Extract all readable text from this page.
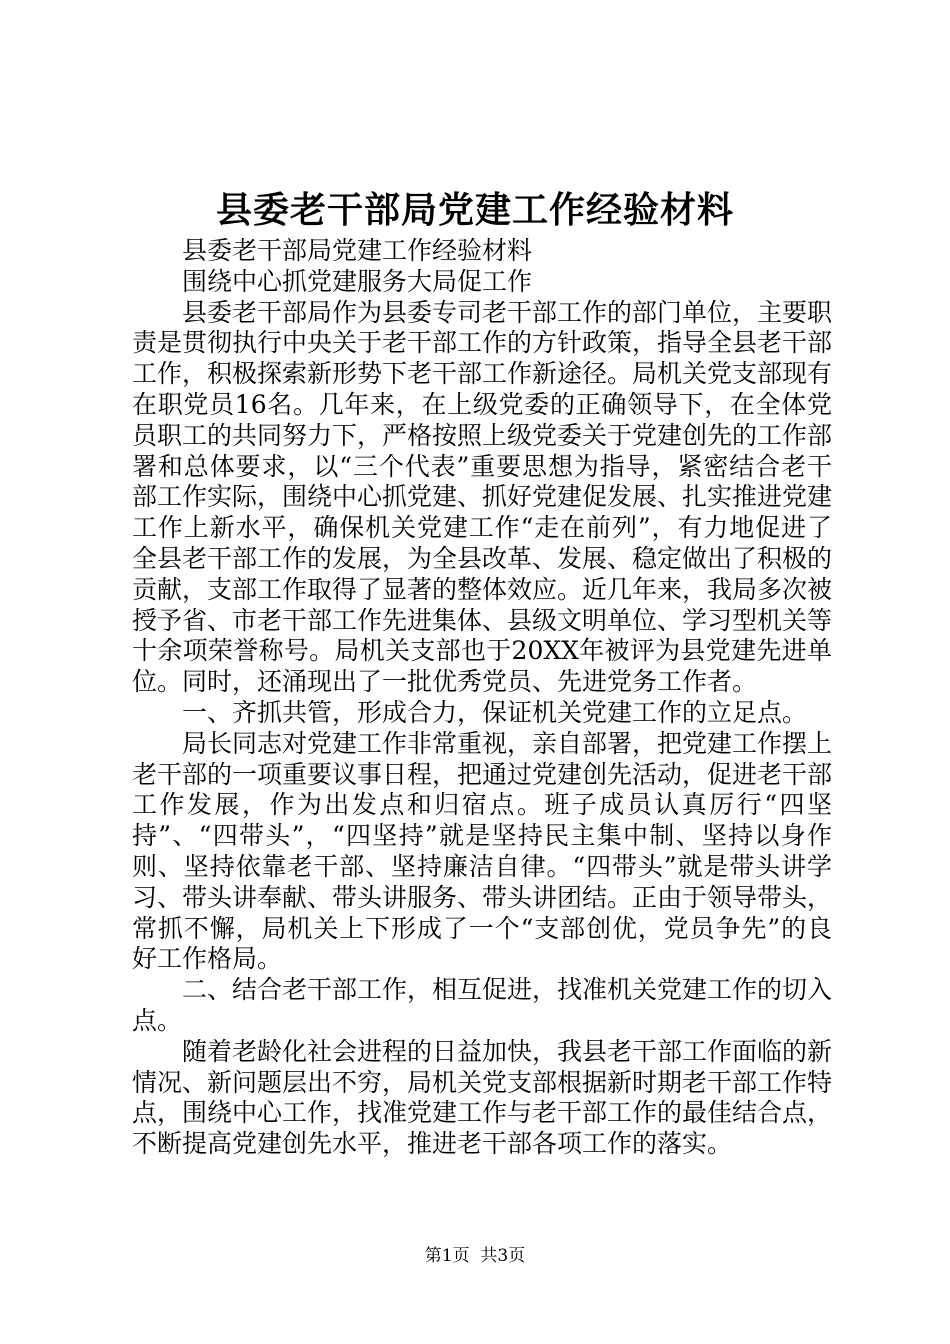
县委老干部局党建工作经验材料

县委老干部局党建工作经验材料

围绕中心抓党建服务大局促工作

县委老干部局作为县委专司老干部工作的部门单位，主要职责是贯彻执行中央关于老干部工作的方针政策，指导全县老干部工作，积极探索新形势下老干部工作新途径。局机关党支部现有在职党员16名。几年来，在上级党委的正确领导下，在全体党员职工的共同努力下，严格按照上级党委关于党建创先的工作部署和总体要求，以“三个代表”重要思想为指导，紧密结合老干部工作实际，围绕中心抓党建、抓好党建促发展、扎实推进党建工作上新水平，确保机关党建工作“走在前列”，有力地促进了全县老干部工作的发展，为全县改革、发展、稳定做出了积极的贡献，支部工作取得了显著的整体效应。近几年来，我局多次被授予省、市老干部工作先进集体、县级文明单位、学习型机关等十余项荣誉称号。局机关支部也于20XX年被评为县党建先进单位。同时，还涌现出了一批优秀党员、先进党务工作者。

一、齐抓共管，形成合力，保证机关党建工作的立足点。

局长同志对党建工作非常重视，亲自部署，把党建工作摆上老干部的一项重要议事日程，把通过党建创先活动，促进老干部工作发展，作为出发点和归宿点。班子成员认真厉行“四坚持”、“四带头”，“四坚持”就是坚持民主集中制、坚持以身作则、坚持依靠老干部、坚持廉洁自律。“四带头”就是带头讲学习、带头讲奉献、带头讲服务、带头讲团结。正由于领导带头，常抓不懈，局机关上下形成了一个“支部创优，党员争先”的良好工作格局。

二、结合老干部工作，相互促进，找准机关党建工作的切入点。

随着老龄化社会进程的日益加快，我县老干部工作面临的新情况、新问题层出不穷，局机关党支部根据新时期老干部工作特点，围绕中心工作，找准党建工作与老干部工作的最佳结合点，不断提高党建创先水平，推进老干部各项工作的落实。

第1页 共3页
